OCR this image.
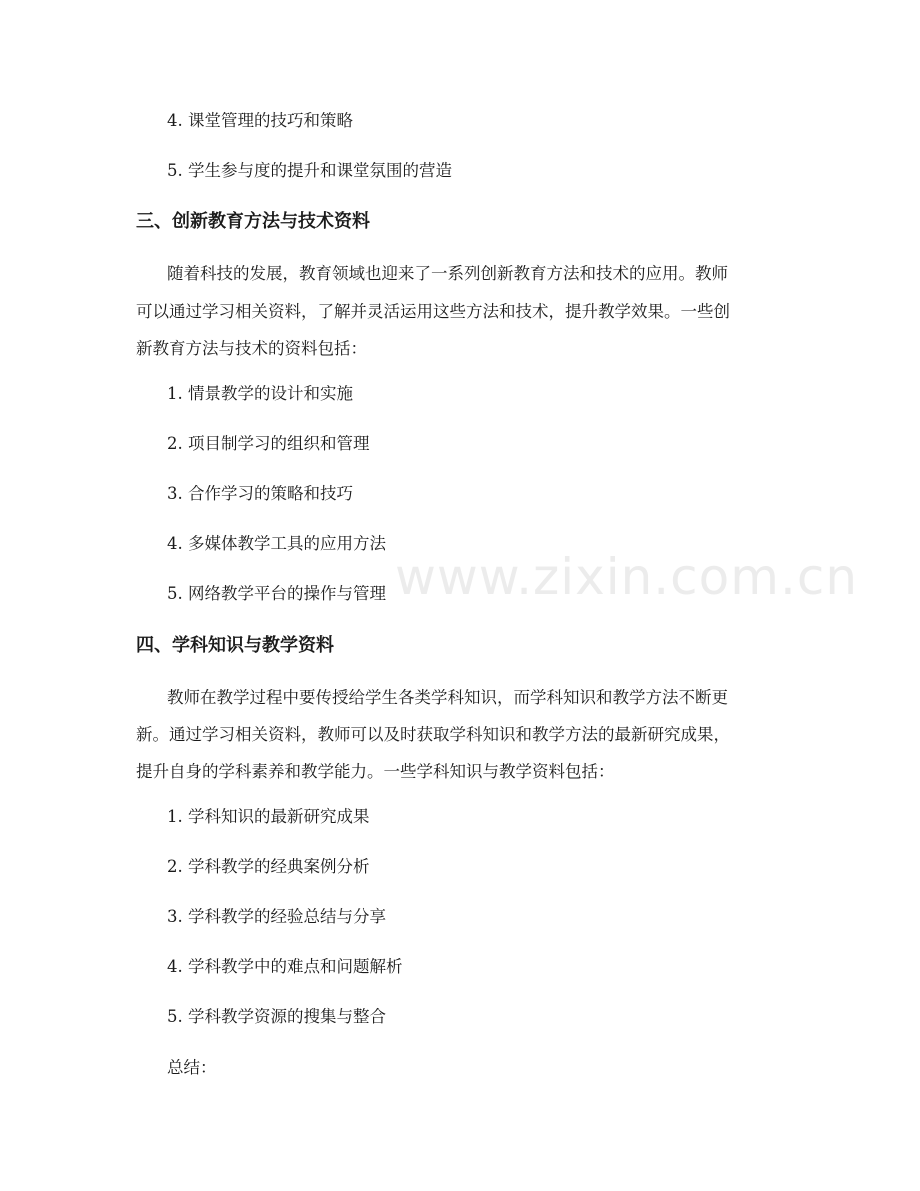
www.zixin.com.cn
4. 课堂管理的技巧和策略
5. 学生参与度的提升和课堂氛围的营造
三、创新教育方法与技术资料
随着科技的发展，教育领域也迎来了一系列创新教育方法和技术的应用。教师
可以通过学习相关资料，了解并灵活运用这些方法和技术，提升教学效果。一些创
新教育方法与技术的资料包括：
1. 情景教学的设计和实施
2. 项目制学习的组织和管理
3. 合作学习的策略和技巧
4. 多媒体教学工具的应用方法
5. 网络教学平台的操作与管理
四、学科知识与教学资料
教师在教学过程中要传授给学生各类学科知识，而学科知识和教学方法不断更
新。通过学习相关资料，教师可以及时获取学科知识和教学方法的最新研究成果，
提升自身的学科素养和教学能力。一些学科知识与教学资料包括：
1. 学科知识的最新研究成果
2. 学科教学的经典案例分析
3. 学科教学的经验总结与分享
4. 学科教学中的难点和问题解析
5. 学科教学资源的搜集与整合
总结：
